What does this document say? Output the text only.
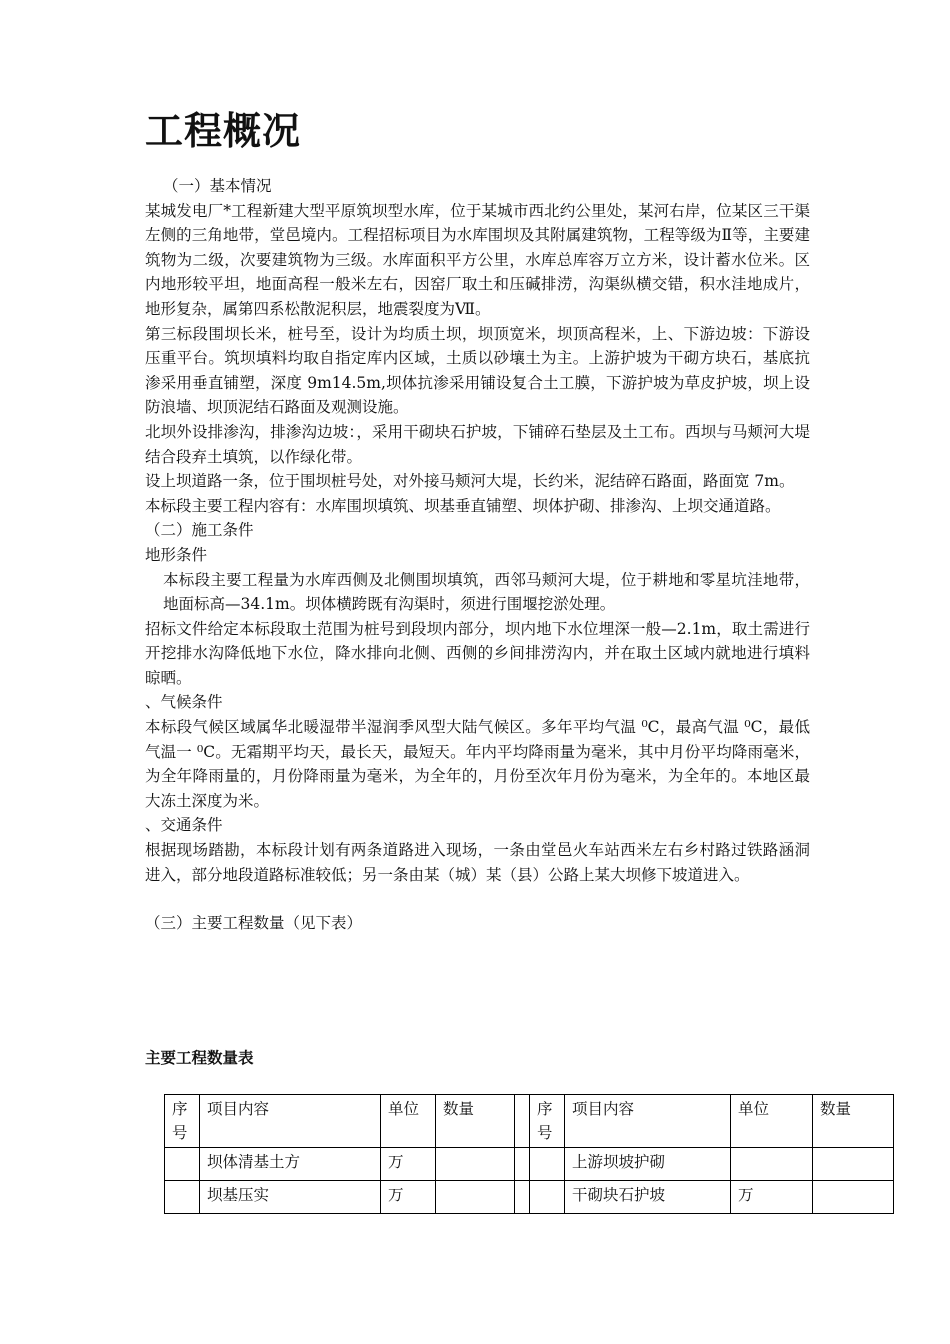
工程概况

（一）基本情况

某城发电厂*工程新建大型平原筑坝型水库，位于某城市西北约公里处，某河右岸，位某区三干渠左侧的三角地带，堂邑境内。工程招标项目为水库围坝及其附属建筑物，工程等级为Ⅱ等，主要建筑物为二级，次要建筑物为三级。水库面积平方公里，水库总库容万立方米，设计蓄水位米。区内地形较平坦，地面高程一般米左右，因窑厂取土和压碱排涝，沟渠纵横交错，积水洼地成片，地形复杂，属第四系松散泥积层，地震裂度为Ⅶ。

第三标段围坝长米，桩号至，设计为均质土坝，坝顶宽米，坝顶高程米，上、下游边坡：下游设压重平台。筑坝填料均取自指定库内区域，土质以砂壤土为主。上游护坡为干砌方块石，基底抗渗采用垂直铺塑，深度 9m14.5m,坝体抗渗采用铺设复合土工膜，下游护坡为草皮护坡，坝上设防浪墙、坝顶泥结石路面及观测设施。

北坝外设排渗沟，排渗沟边坡：，采用干砌块石护坡，下铺碎石垫层及土工布。西坝与马颊河大堤结合段弃土填筑，以作绿化带。

设上坝道路一条，位于围坝桩号处，对外接马颊河大堤，长约米，泥结碎石路面，路面宽 7m。

本标段主要工程内容有：水库围坝填筑、坝基垂直铺塑、坝体护砌、排渗沟、上坝交通道路。

（二）施工条件

地形条件

本标段主要工程量为水库西侧及北侧围坝填筑，西邻马颊河大堤，位于耕地和零星坑洼地带，地面标高—34.1m。坝体横跨既有沟渠时，须进行围堰挖淤处理。

招标文件给定本标段取土范围为桩号到段坝内部分，坝内地下水位埋深一般—2.1m，取土需进行开挖排水沟降低地下水位，降水排向北侧、西侧的乡间排涝沟内，并在取土区域内就地进行填料晾晒。

、气候条件

本标段气候区域属华北暖湿带半湿润季风型大陆气候区。多年平均气温 ⁰C，最高气温 ⁰C，最低气温一 ⁰C。无霜期平均天，最长天，最短天。年内平均降雨量为毫米，其中月份平均降雨毫米，为全年降雨量的，月份降雨量为毫米，为全年的，月份至次年月份为毫米，为全年的。本地区最大冻土深度为米。

、交通条件

根据现场踏勘，本标段计划有两条道路进入现场，一条由堂邑火车站西米左右乡村路过铁路涵洞进入，部分地段道路标准较低；另一条由某（城）某（县）公路上某大坝修下坡道进入。

（三）主要工程数量（见下表）

主要工程数量表

序号	项目内容	单位	数量		序号	项目内容	单位	数量
	坝体清基土方	万				上游坝坡护砌		
	坝基压实	万				干砌块石护坡	万	
